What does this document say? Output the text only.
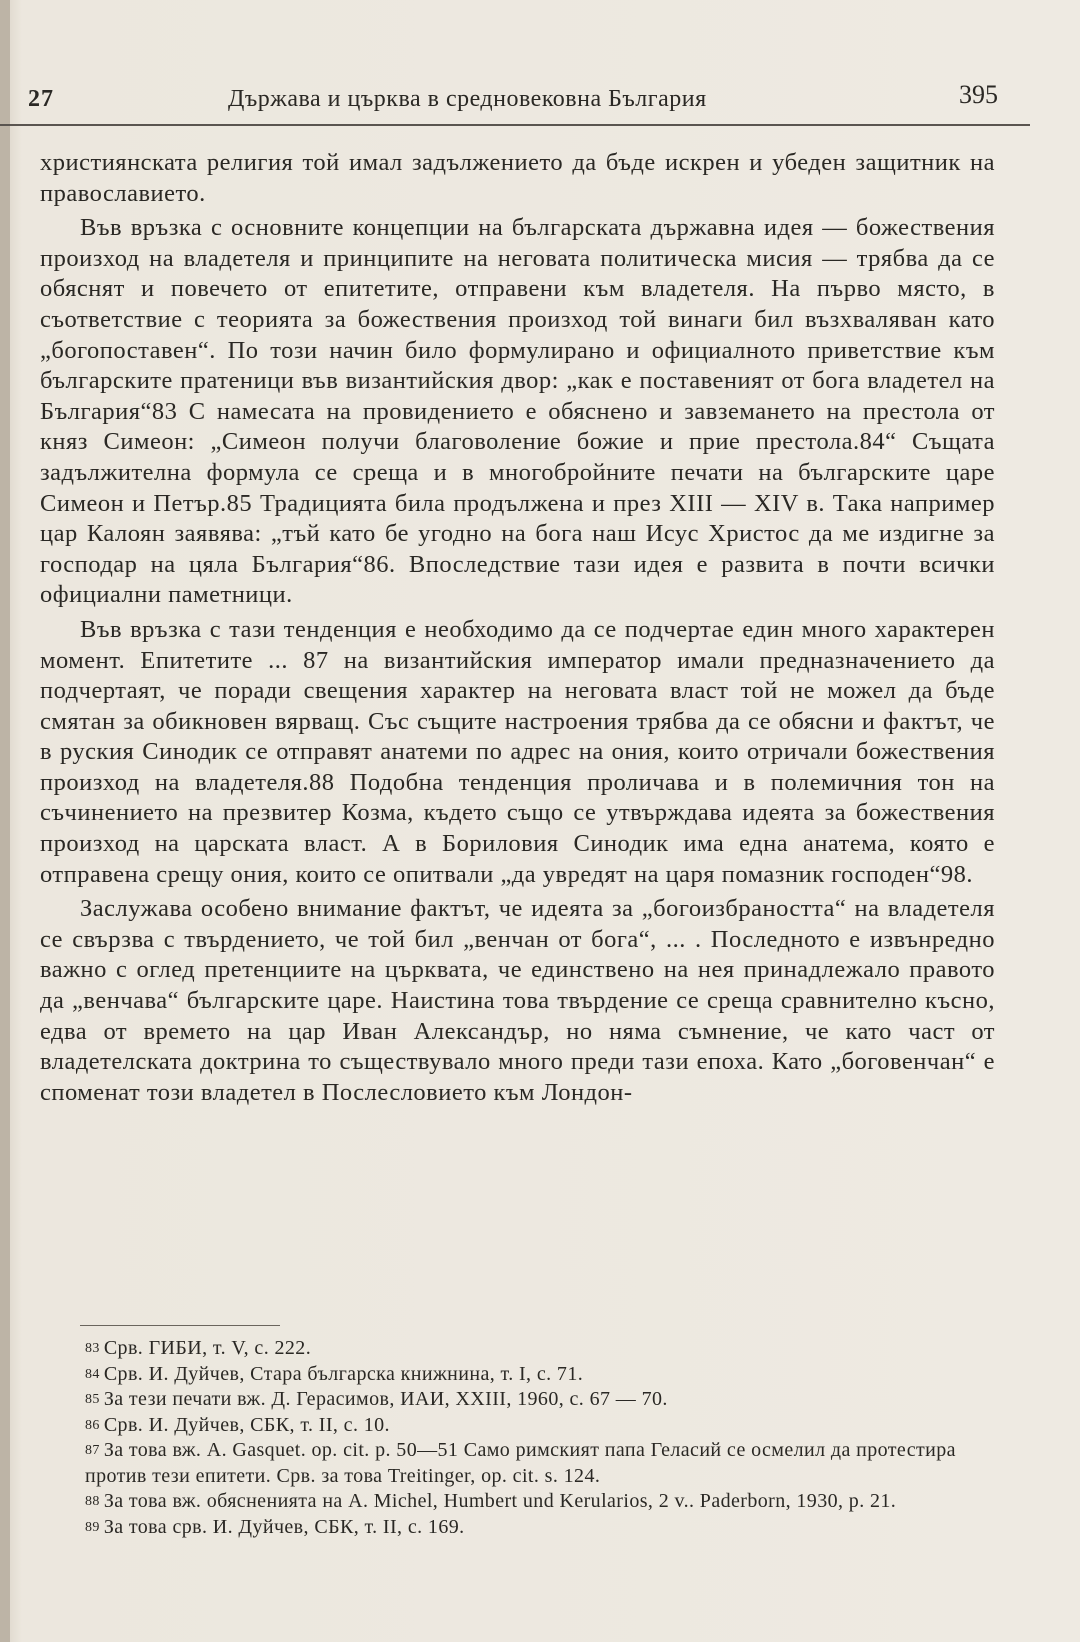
27	Държава и църква в средновековна България	395

християнската религия той имал задължението да бъде искрен и убеден защитник на православието.

Във връзка с основните концепции на българската държавна идея — божествения произход на владетеля и принципите на неговата политическа мисия — трябва да се обяснят и повечето от епитетите, отправени към владетеля. На първо място, в съответствие с теорията за божествения произход той винаги бил възхваляван като „богопоставен“. По този начин било формулирано и официалното приветствие към българските пратеници във византийския двор: „как е поставеният от бога владетел на България“83 С намесата на провидението е обяснено и завземането на престола от княз Симеон: „Симеон получи благоволение божие и прие престола.84“ Същата задължителна формула се среща и в многобройните печати на българските царе Симеон и Петър.85 Традицията била продължена и през XIII — XIV в. Така например цар Калоян заявява: „тъй като бе угодно на бога наш Исус Христос да ме издигне за господар на цяла България“86. Впоследствие тази идея е развита в почти всички официални паметници.

Във връзка с тази тенденция е необходимо да се подчертае един много характерен момент. Епитетите ... 87 на византийския император имали предназначението да подчертаят, че поради свещения характер на неговата власт той не можел да бъде смятан за обикновен вярващ. Със същите настроения трябва да се обясни и фактът, че в руския Синодик се отправят анатеми по адрес на ония, които отричали божествения произход на владетеля.88 Подобна тенденция проличава и в полемичния тон на съчинението на презвитер Козма, където също се утвърждава идеята за божествения произход на царската власт. А в Бориловия Синодик има една анатема, която е отправена срещу ония, които се опитвали „да увредят на царя помазник господен“98.

Заслужава особено внимание фактът, че идеята за „богоизбраността“ на владетеля се свързва с твърдението, че той бил „венчан от бога“, ... . Последното е извънредно важно с оглед претенциите на църквата, че единствено на нея принадлежало правото да „венчава“ българските царе. Наистина това твърдение се среща сравнително късно, едва от времето на цар Иван Александър, но няма съмнение, че като част от владетелската доктрина то съществувало много преди тази епоха. Като „боговенчан“ е споменат този владетел в Послесловието към Лондон-

83 Срв. ГИБИ, т. V, с. 222.

84 Срв. И. Дуйчев, Стара българска книжнина, т. I, с. 71.

85 За тези печати вж. Д. Герасимов, ИАИ, XXIII, 1960, с. 67 — 70.

86 Срв. И. Дуйчев, СБК, т. II, с. 10.

87 За това вж. A. Gasquet. op. cit. p. 50—51 Само римският папа Геласий се осмелил да протестира против тези епитети. Срв. за това Treitinger, op. cit. s. 124.

88 За това вж. обясненията на A. Michel, Humbert und Kerularios, 2 v.. Paderborn, 1930, p. 21.

89 За това срв. И. Дуйчев, СБК, т. II, с. 169.
